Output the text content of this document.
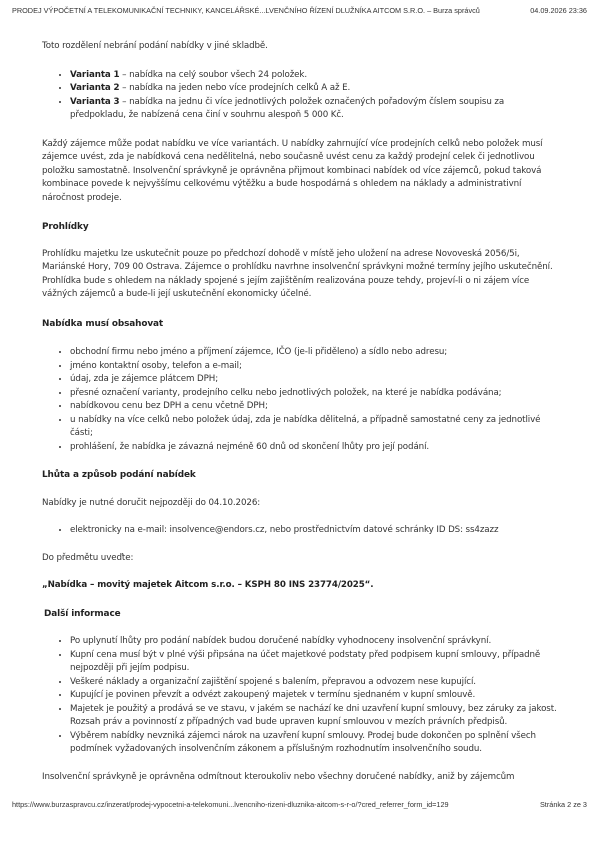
PRODEJ VÝPOČETNÍ A TELEKOMUNIKAČNÍ TECHNIKY, KANCELÁŘSKÉ...LVENČNÍHO ŘÍZENÍ DLUŽNÍKA AITCOM S.R.O. – Burza správců	04.09.2026 23:36

Toto rozdělení nebrání podání nabídky v jiné skladbě.

• Varianta 1 – nabídka na celý soubor všech 24 položek.
• Varianta 2 – nabídka na jeden nebo více prodejních celků A až E.
• Varianta 3 – nabídka na jednu či více jednotlivých položek označených pořadovým číslem soupisu za předpokladu, že nabízená cena činí v souhrnu alespoň 5 000 Kč.

Každý zájemce může podat nabídku ve více variantách. U nabídky zahrnující více prodejních celků nebo položek musí zájemce uvést, zda je nabídková cena nedělitelná, nebo současně uvést cenu za každý prodejní celek či jednotlivou položku samostatně. Insolvenční správkyně je oprávněna přijmout kombinaci nabídek od více zájemců, pokud taková kombinace povede k nejvyššímu celkovému výtěžku a bude hospodárná s ohledem na náklady a administrativní náročnost prodeje.

Prohlídky

Prohlídku majetku lze uskutečnit pouze po předchozí dohodě v místě jeho uložení na adrese Novoveská 2056/5i, Mariánské Hory, 709 00 Ostrava. Zájemce o prohlídku navrhne insolvenční správkyni možné termíny jejího uskutečnění. Prohlídka bude s ohledem na náklady spojené s jejím zajištěním realizována pouze tehdy, projeví-li o ni zájem více vážných zájemců a bude-li její uskutečnění ekonomicky účelné.

Nabídka musí obsahovat
• obchodní firmu nebo jméno a příjmení zájemce, IČO (je-li přiděleno) a sídlo nebo adresu;
• jméno kontaktní osoby, telefon a e-mail;
• údaj, zda je zájemce plátcem DPH;
• přesné označení varianty, prodejního celku nebo jednotlivých položek, na které je nabídka podávána;
• nabídkovou cenu bez DPH a cenu včetně DPH;
• u nabídky na více celků nebo položek údaj, zda je nabídka dělitelná, a případně samostatné ceny za jednotlivé části;
• prohlášení, že nabídka je závazná nejméně 60 dnů od skončení lhůty pro její podání.
Lhůta a způsob podání nabídek

Nabídky je nutné doručit nejpozději do 04.10.2026:

• elektronicky na e-mail: insolvence@endors.cz, nebo prostřednictvím datové schránky ID DS: ss4zazz

Do předmětu uveďte:

„Nabídka – movitý majetek Aitcom s.r.o. – KSPH 80 INS 23774/2025“.

Další informace
• Po uplynutí lhůty pro podání nabídek budou doručené nabídky vyhodnoceny insolvenční správkyní.
• Kupní cena musí být v plné výši připsána na účet majetkové podstaty před podpisem kupní smlouvy, případně nejpozději při jejím podpisu.
• Veškeré náklady a organizační zajištění spojené s balením, přepravou a odvozem nese kupující.
• Kupující je povinen převzít a odvézt zakoupený majetek v termínu sjednaném v kupní smlouvě.
• Majetek je použitý a prodává se ve stavu, v jakém se nachází ke dni uzavření kupní smlouvy, bez záruky za jakost. Rozsah práv a povinností z případných vad bude upraven kupní smlouvou v mezích právních předpisů.
• Výběrem nabídky nevzniká zájemci nárok na uzavření kupní smlouvy. Prodej bude dokončen po splnění všech podmínek vyžadovaných insolvenčním zákonem a příslušným rozhodnutím insolvenčního soudu.

Insolvenční správkyně je oprávněna odmítnout kteroukoliv nebo všechny doručené nabídky, aniž by zájemcům

https://www.burzaspravcu.cz/inzerat/prodej-vypocetni-a-telekomuni...lvencniho-rizeni-dluznika-aitcom-s-r-o/?cred_referrer_form_id=129	Stránka 2 ze 3
